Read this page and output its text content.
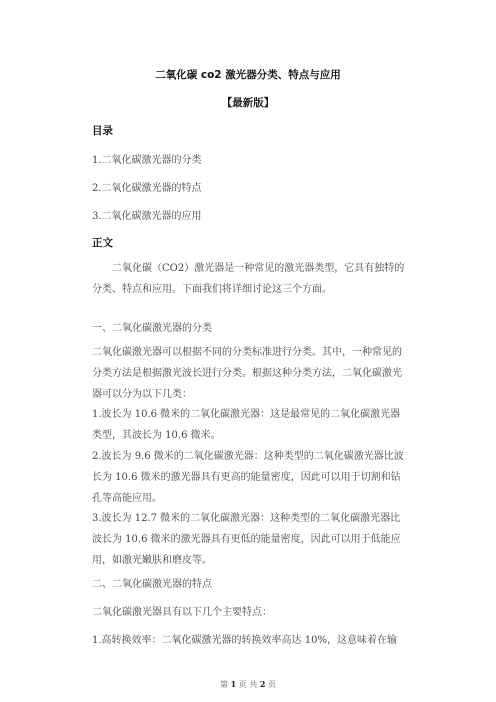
二氧化碳 co2 激光器分类、特点与应用
【最新版】
目录
1.二氧化碳激光器的分类
2.二氧化碳激光器的特点
3.二氧化碳激光器的应用
正文

二氧化碳（CO2）激光器是一种常见的激光器类型，它具有独特的分类、特点和应用。下面我们将详细讨论这三个方面。

一、二氧化碳激光器的分类

二氧化碳激光器可以根据不同的分类标准进行分类。其中，一种常见的分类方法是根据激光波长进行分类。根据这种分类方法，二氧化碳激光器可以分为以下几类：

1.波长为 10.6 微米的二氧化碳激光器：这是最常见的二氧化碳激光器类型，其波长为 10.6 微米。

2.波长为 9.6 微米的二氧化碳激光器：这种类型的二氧化碳激光器比波长为 10.6 微米的激光器具有更高的能量密度，因此可以用于切割和钻孔等高能应用。

3.波长为 12.7 微米的二氧化碳激光器：这种类型的二氧化碳激光器比波长为 10.6 微米的激光器具有更低的能量密度，因此可以用于低能应用，如激光嫩肤和磨皮等。

二、二氧化碳激光器的特点
二氧化碳激光器具有以下几个主要特点：
1.高转换效率：二氧化碳激光器的转换效率高达 10%，这意味着在输
第 1 页 共 2 页
